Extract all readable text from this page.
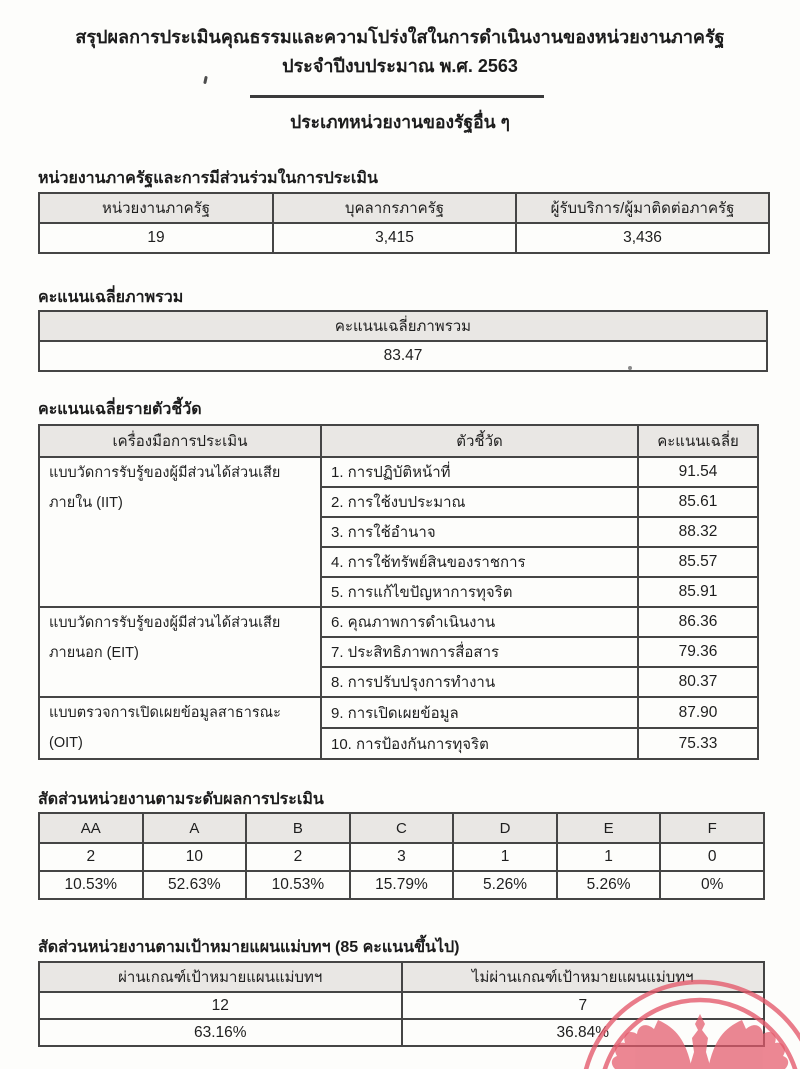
สรุปผลการประเมินคุณธรรมและความโปร่งใสในการดำเนินงานของหน่วยงานภาครัฐ
ประจำปีงบประมาณ พ.ศ. 2563
ประเภทหน่วยงานของรัฐอื่น ๆ
หน่วยงานภาครัฐและการมีส่วนร่วมในการประเมิน
หน่วยงานภาครัฐ	บุคลากรภาครัฐ	ผู้รับบริการ/ผู้มาติดต่อภาครัฐ
19	3,415	3,436
คะแนนเฉลี่ยภาพรวม
คะแนนเฉลี่ยภาพรวม
83.47
คะแนนเฉลี่ยรายตัวชี้วัด
เครื่องมือการประเมิน	ตัวชี้วัด	คะแนนเฉลี่ย

แบบวัดการรับรู้ของผู้มีส่วนได้ส่วนเสีย
ภายใน (IIT)	1. การปฏิบัติหน้าที่	91.54
	2. การใช้งบประมาณ	85.61
	3. การใช้อำนาจ	88.32
	4. การใช้ทรัพย์สินของราชการ	85.57
	5. การแก้ไขปัญหาการทุจริต	85.91

แบบวัดการรับรู้ของผู้มีส่วนได้ส่วนเสีย
ภายนอก (EIT)	6. คุณภาพการดำเนินงาน	86.36
	7. ประสิทธิภาพการสื่อสาร	79.36
	8. การปรับปรุงการทำงาน	80.37

แบบตรวจการเปิดเผยข้อมูลสาธารณะ
(OIT)	9. การเปิดเผยข้อมูล	87.90
	10. การป้องกันการทุจริต	75.33
สัดส่วนหน่วยงานตามระดับผลการประเมิน
AA	A	B	C	D	E	F
2	10	2	3	1	1	0
10.53%	52.63%	10.53%	15.79%	5.26%	5.26%	0%
สัดส่วนหน่วยงานตามเป้าหมายแผนแม่บทฯ (85 คะแนนขึ้นไป)
ผ่านเกณฑ์เป้าหมายแผนแม่บทฯ	ไม่ผ่านเกณฑ์เป้าหมายแผนแม่บทฯ
12	7
63.16%	36.84%
